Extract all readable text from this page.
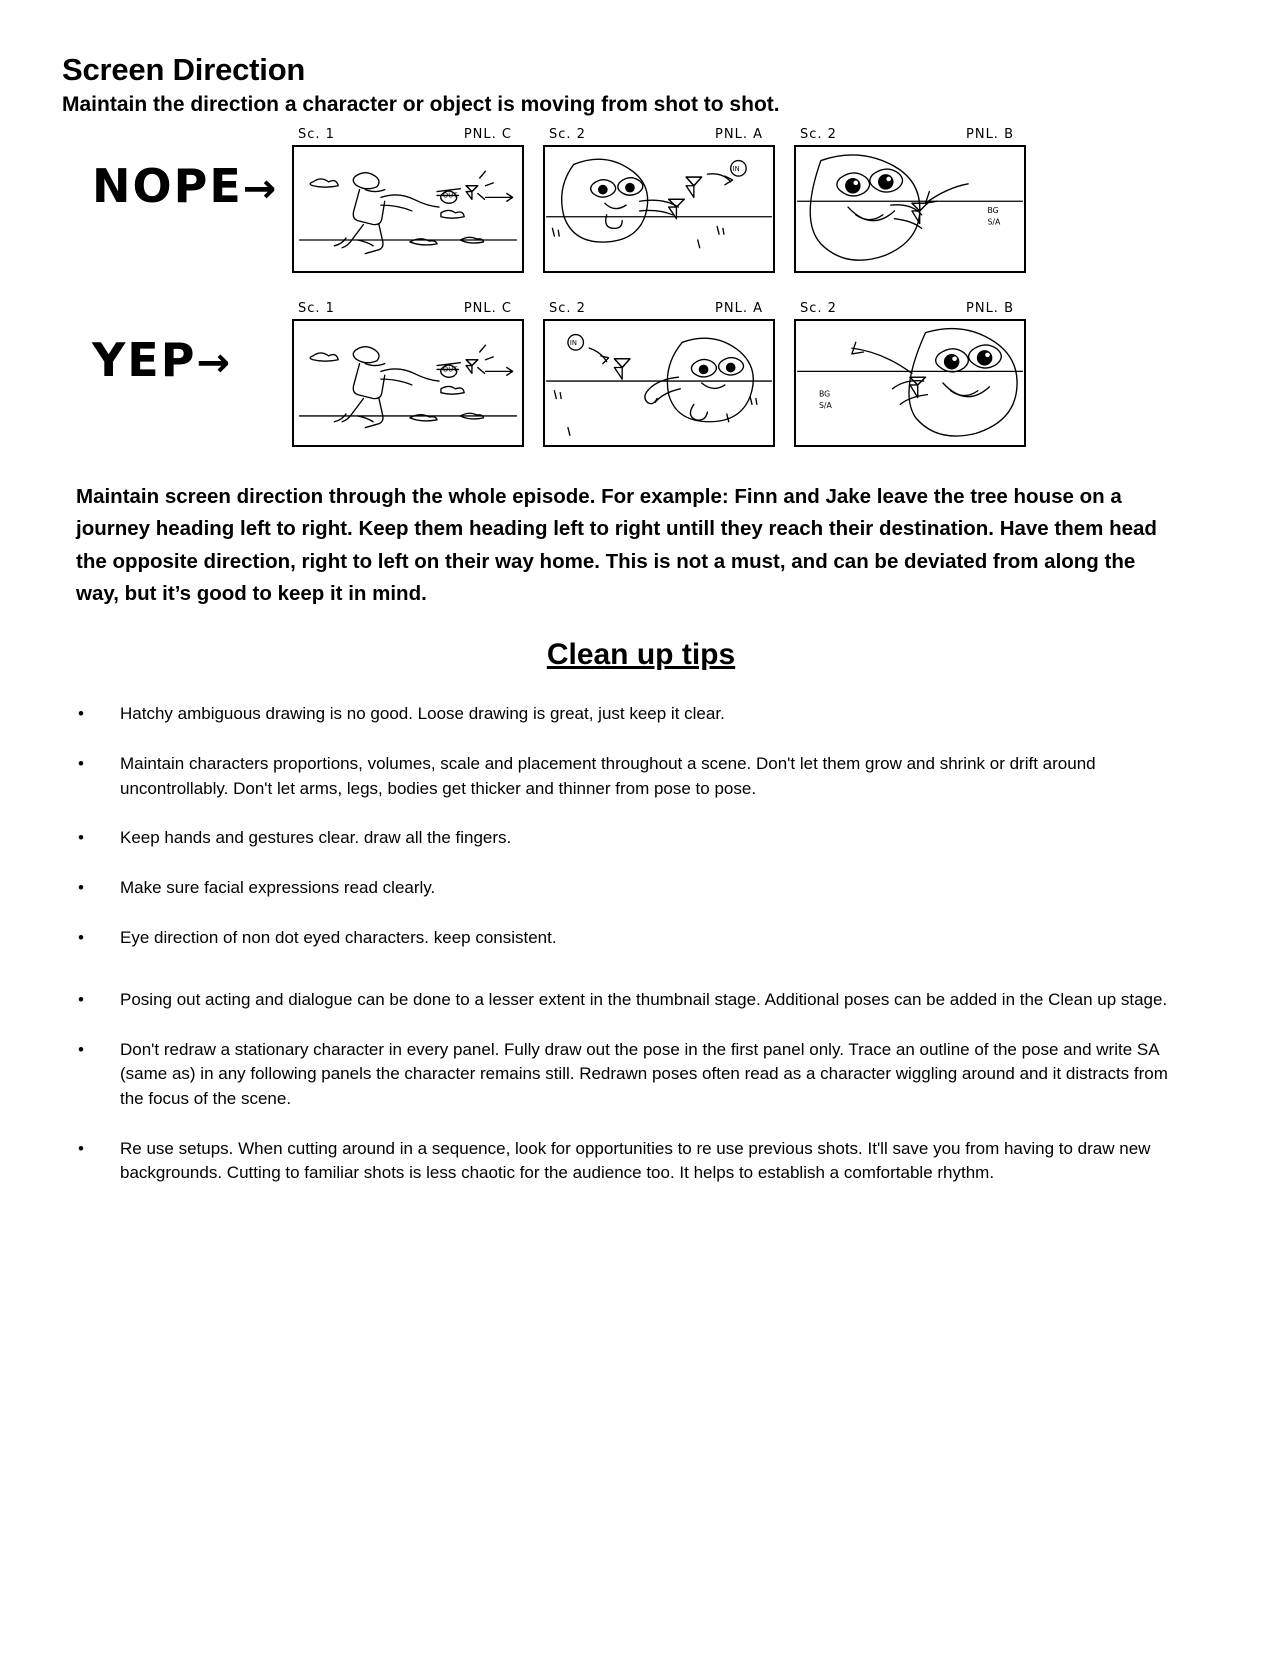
Screen Direction

Maintain the direction a character or object is moving from shot to shot.

NOPE→
Sc. 1	PNL. C
OUT
Sc. 2	PNL. A
IN
Sc. 2	PNL. B
BG
S/A
YEP→
Sc. 1	PNL. C
OUT
Sc. 2	PNL. A
IN
Sc. 2	PNL. B
BG
S/A

Maintain screen direction through the whole episode. For example: Finn and Jake leave the tree house on a journey heading left to right. Keep them heading left to right untill they reach their destination. Have them head the opposite direction, right to left on their way home. This is not a must, and can be deviated from along the way, but it’s good to keep it in mind.

Clean up tips
•	Hatchy ambiguous drawing is no good. Loose drawing is great, just keep it clear.
•	Maintain characters proportions, volumes, scale and placement throughout a scene. Don't let them grow and shrink or drift around uncontrollably. Don't let arms, legs, bodies get thicker and thinner from pose to pose.
•	Keep hands and gestures clear. draw all the fingers.
•	Make sure facial expressions read clearly.
•	Eye direction of non dot eyed characters. keep consistent.
•	Posing out acting and dialogue can be done to a lesser extent in the thumbnail stage. Additional poses can be added in the Clean up stage.
•	Don't redraw a stationary character in every panel. Fully draw out the pose in the first panel only. Trace an outline of the pose and write SA (same as) in any following panels the character remains still. Redrawn poses often read as a character wiggling around and it distracts from the focus of the scene.
•	Re use setups. When cutting around in a sequence, look for opportunities to re use previous shots. It'll save you from having to draw new backgrounds. Cutting to familiar shots is less chaotic for the audience too. It helps to establish a comfortable rhythm.
